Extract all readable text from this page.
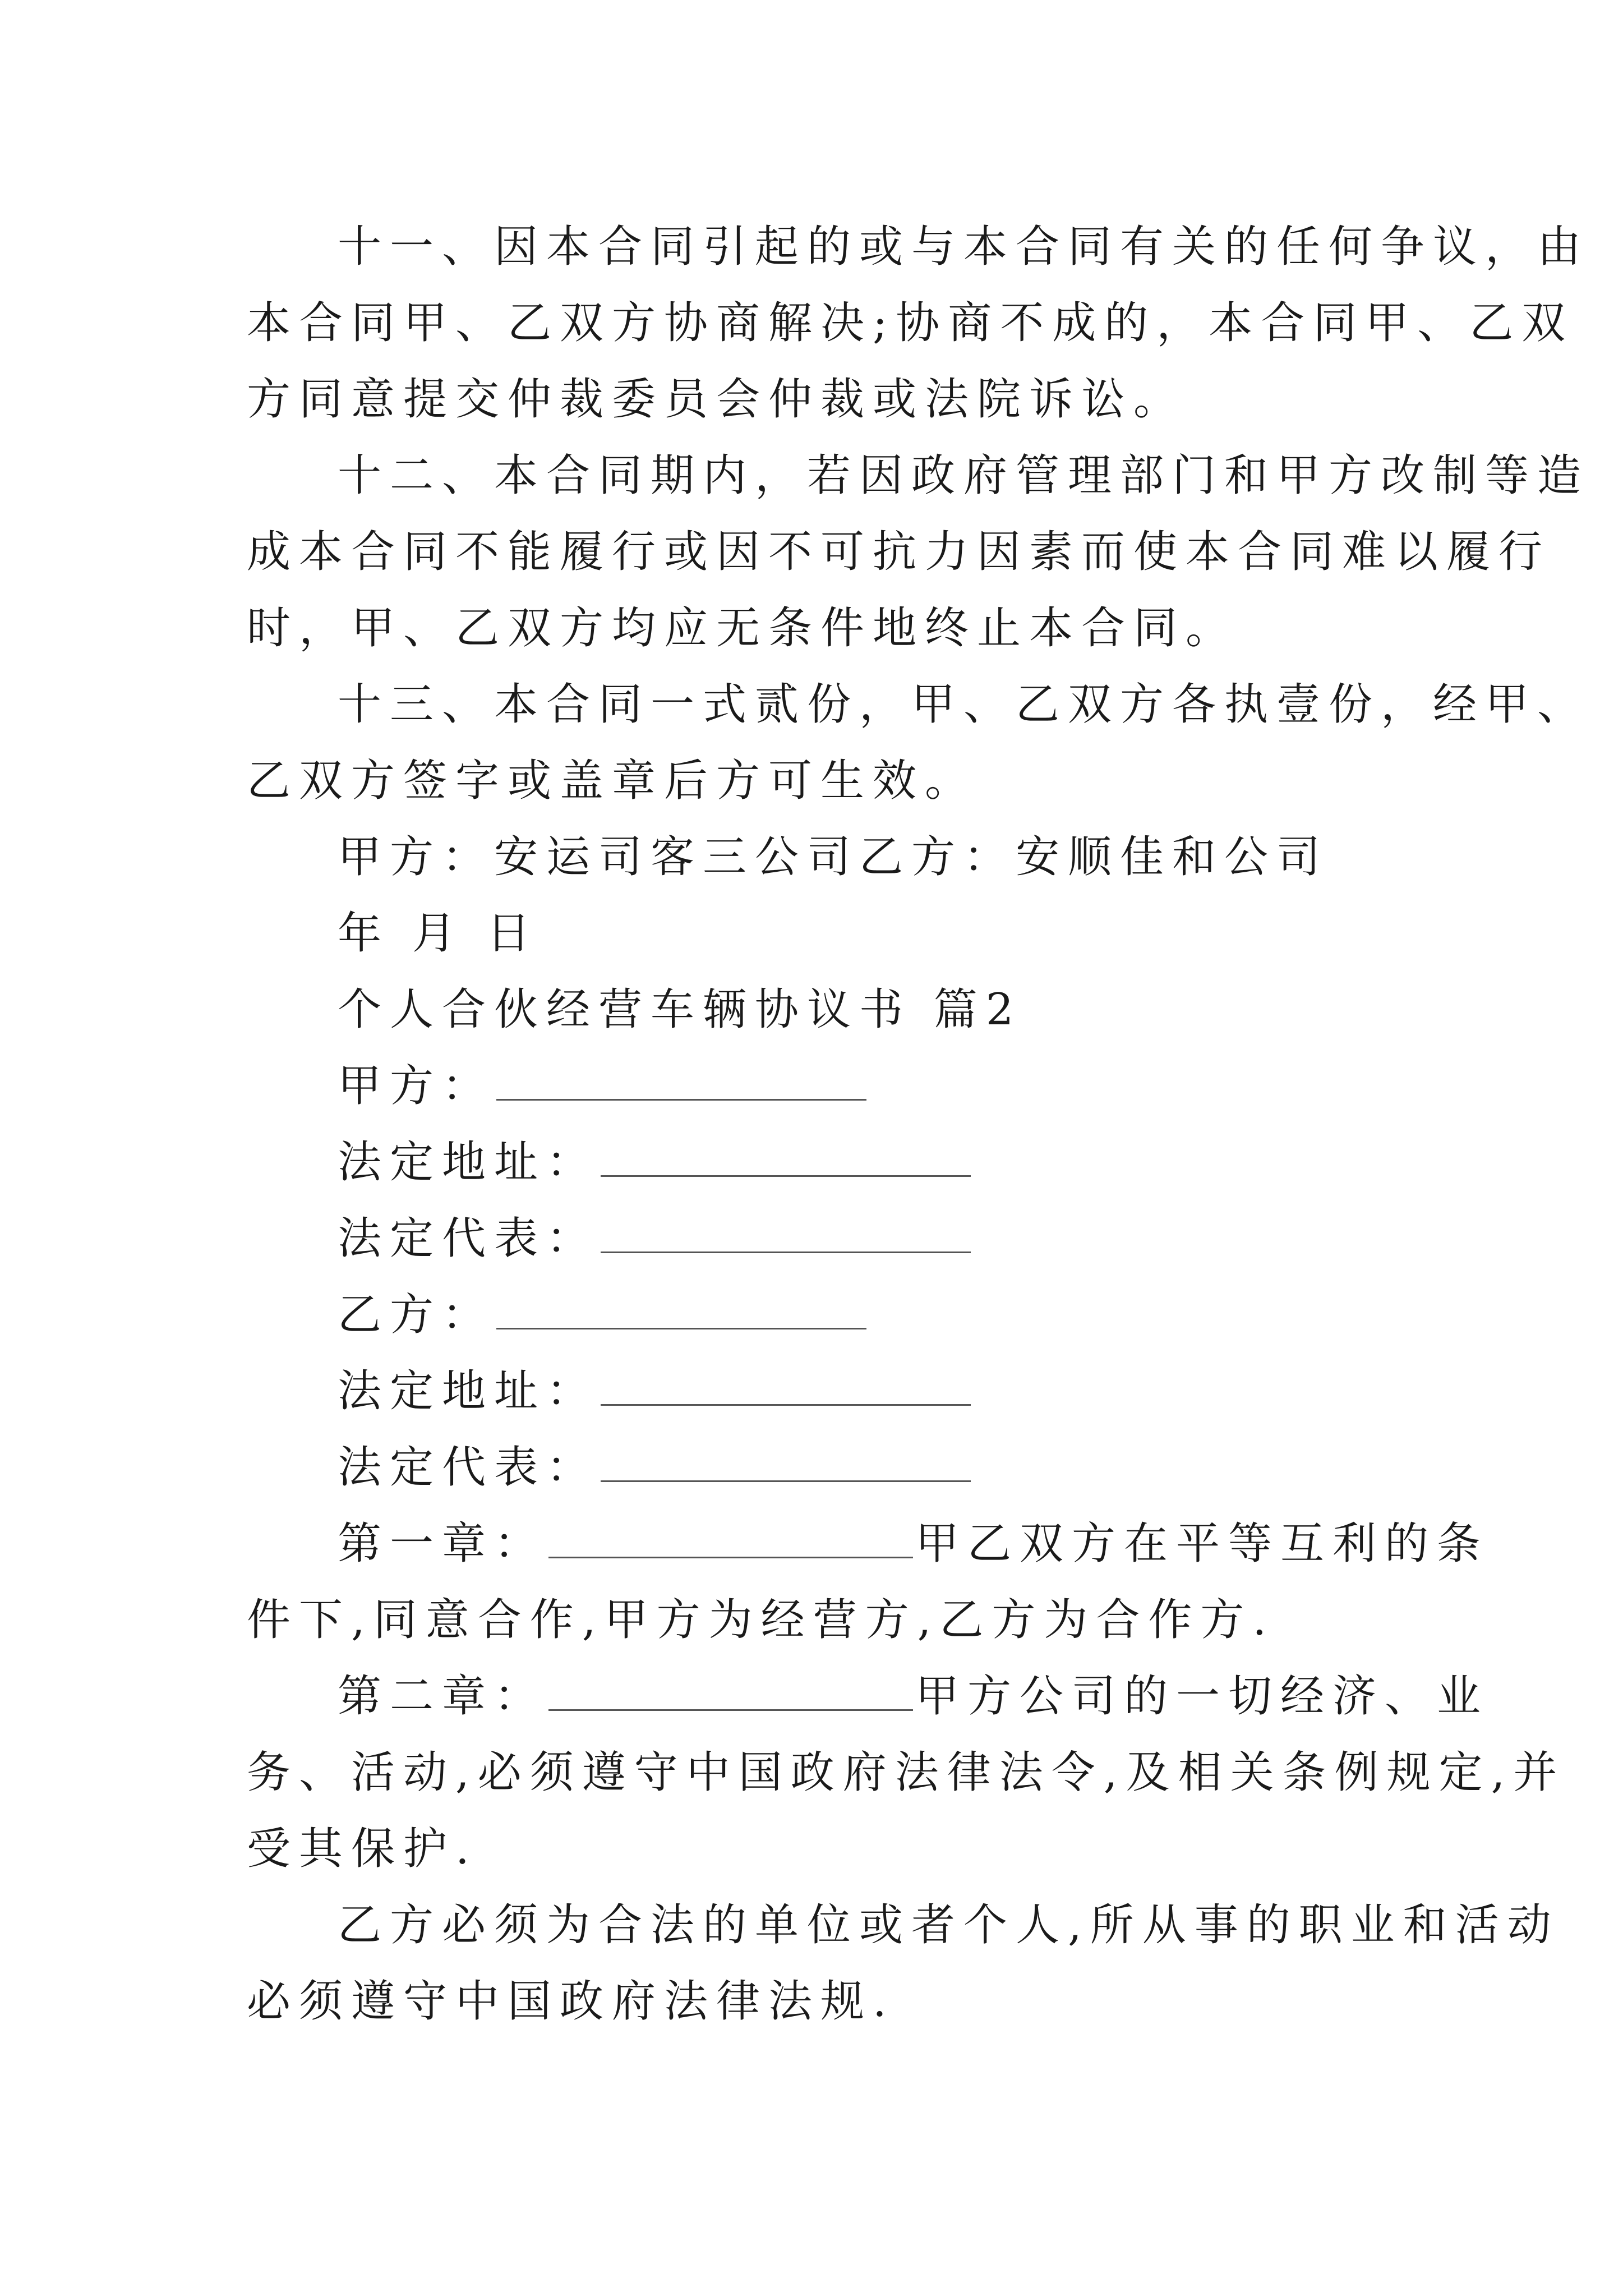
十一、因本合同引起的或与本合同有关的任何争议，由
本合同甲、乙双方协商解决;协商不成的，本合同甲、乙双
方同意提交仲裁委员会仲裁或法院诉讼。
十二、本合同期内，若因政府管理部门和甲方改制等造
成本合同不能履行或因不可抗力因素而使本合同难以履行
时，甲、乙双方均应无条件地终止本合同。
十三、本合同一式贰份，甲、乙双方各执壹份，经甲、
乙双方签字或盖章后方可生效。
甲方：安运司客三公司乙方：安顺佳和公司
年 月 日
个人合伙经营车辆协议书 篇2
甲方：
法定地址：
法定代表：
乙方：
法定地址：
法定代表：
第一章：	甲乙双方在平等互利的条
件下,同意合作,甲方为经营方,乙方为合作方.
第二章：	甲方公司的一切经济、业
务、活动,必须遵守中国政府法律法令,及相关条例规定,并
受其保护.
乙方必须为合法的单位或者个人,所从事的职业和活动
必须遵守中国政府法律法规.
